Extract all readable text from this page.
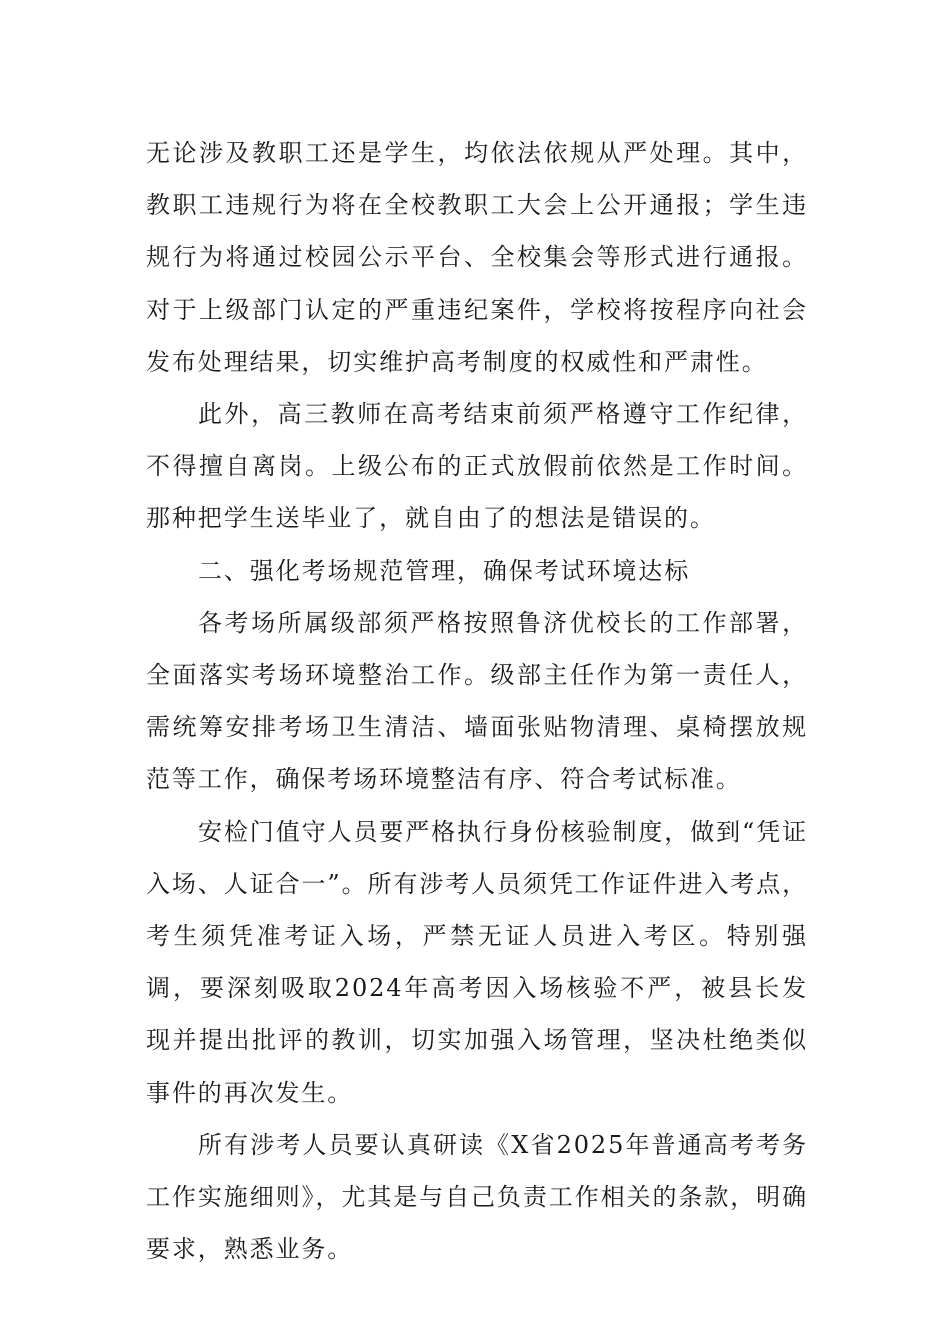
无论涉及教职工还是学生，均依法依规从严处理。其中，教职工违规行为将在全校教职工大会上公开通报；学生违规行为将通过校园公示平台、全校集会等形式进行通报。对于上级部门认定的严重违纪案件，学校将按程序向社会发布处理结果，切实维护高考制度的权威性和严肃性。

此外，高三教师在高考结束前须严格遵守工作纪律，不得擅自离岗。上级公布的正式放假前依然是工作时间。那种把学生送毕业了，就自由了的想法是错误的。

二、强化考场规范管理，确保考试环境达标

各考场所属级部须严格按照鲁济优校长的工作部署，全面落实考场环境整治工作。级部主任作为第一责任人，需统筹安排考场卫生清洁、墙面张贴物清理、桌椅摆放规范等工作，确保考场环境整洁有序、符合考试标准。

安检门值守人员要严格执行身份核验制度，做到“凭证入场、人证合一”。所有涉考人员须凭工作证件进入考点，考生须凭准考证入场，严禁无证人员进入考区。特别强调，要深刻吸取2024年高考因入场核验不严，被县长发现并提出批评的教训，切实加强入场管理，坚决杜绝类似事件的再次发生。

所有涉考人员要认真研读《X省2025年普通高考考务工作实施细则》，尤其是与自己负责工作相关的条款，明确要求，熟悉业务。
